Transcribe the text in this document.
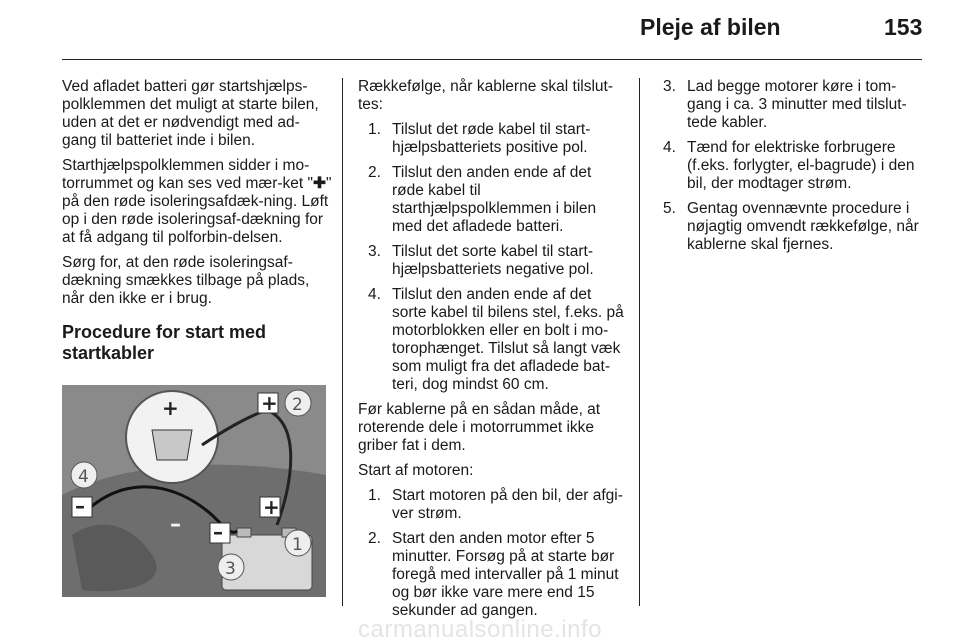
Pleje af bilen	153

Ved afladet batteri gør startshjælps-polklemmen det muligt at starte bilen, uden at det er nødvendigt med ad-gang til batteriet inde i bilen.

Starthjælpspolklemmen sidder i mo-torrummet og kan ses ved mær-ket "✚" på den røde isoleringsafdæk-ning. Løft op i den røde isoleringsaf-dækning for at få adgang til polforbin-delsen.

Sørg for, at den røde isoleringsaf-dækning smækkes tilbage på plads, når den ikke er i brug.

Procedure for start med startkabler
+	+
+
–
–
–
2
1
3
4

Rækkefølge, når kablerne skal tilslut-tes:

1. Tilslut det røde kabel til start-hjælpsbatteriets positive pol.
2. Tilslut den anden ende af det røde kabel til starthjælpspolklemmen i bilen med det afladede batteri.
3. Tilslut det sorte kabel til start-hjælpsbatteriets negative pol.
4. Tilslut den anden ende af det sorte kabel til bilens stel, f.eks. på motorblokken eller en bolt i mo-torophænget. Tilslut så langt væk som muligt fra det afladede bat-teri, dog mindst 60 cm.

Før kablerne på en sådan måde, at roterende dele i motorrummet ikke griber fat i dem.

Start af motoren:

1. Start motoren på den bil, der afgi-ver strøm.
2. Start den anden motor efter 5 minutter. Forsøg på at starte bør foregå med intervaller på 1 minut og bør ikke vare mere end 15 sekunder ad gangen.
3. Lad begge motorer køre i tom-gang i ca. 3 minutter med tilslut-tede kabler.
4. Tænd for elektriske forbrugere (f.eks. forlygter, el-bagrude) i den bil, der modtager strøm.
5. Gentag ovennævnte procedure i nøjagtig omvendt rækkefølge, når kablerne skal fjernes.
carmanualsonline.info
